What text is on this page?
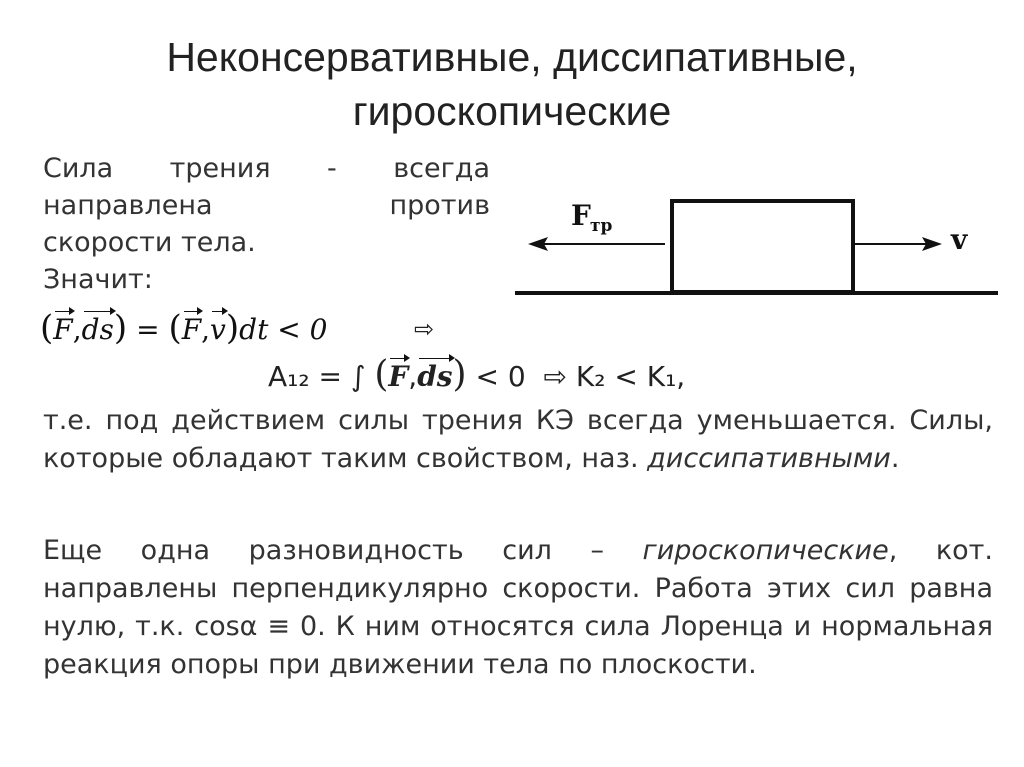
Неконсервативные, диссипативные,
гироскопические
Сила трения - всегда
направлена против
скорости тела.
Значит:
F тр	v
(F,ds) = (F,v)dt < 0	⇨
A₁₂ = ∫ (F,ds) < 0 ⇨ K₂ < K₁,
т.е. под действием силы трения КЭ всегда уменьшается. Силы, которые обладают таким свойством, наз. диссипативными.
Еще одна разновидность сил – гироскопические, кот. направлены перпендикулярно скорости. Работа этих сил равна нулю, т.к. cosα ≡ 0. К ним относятся сила Лоренца и нормальная реакция опоры при движении тела по плоскости.
